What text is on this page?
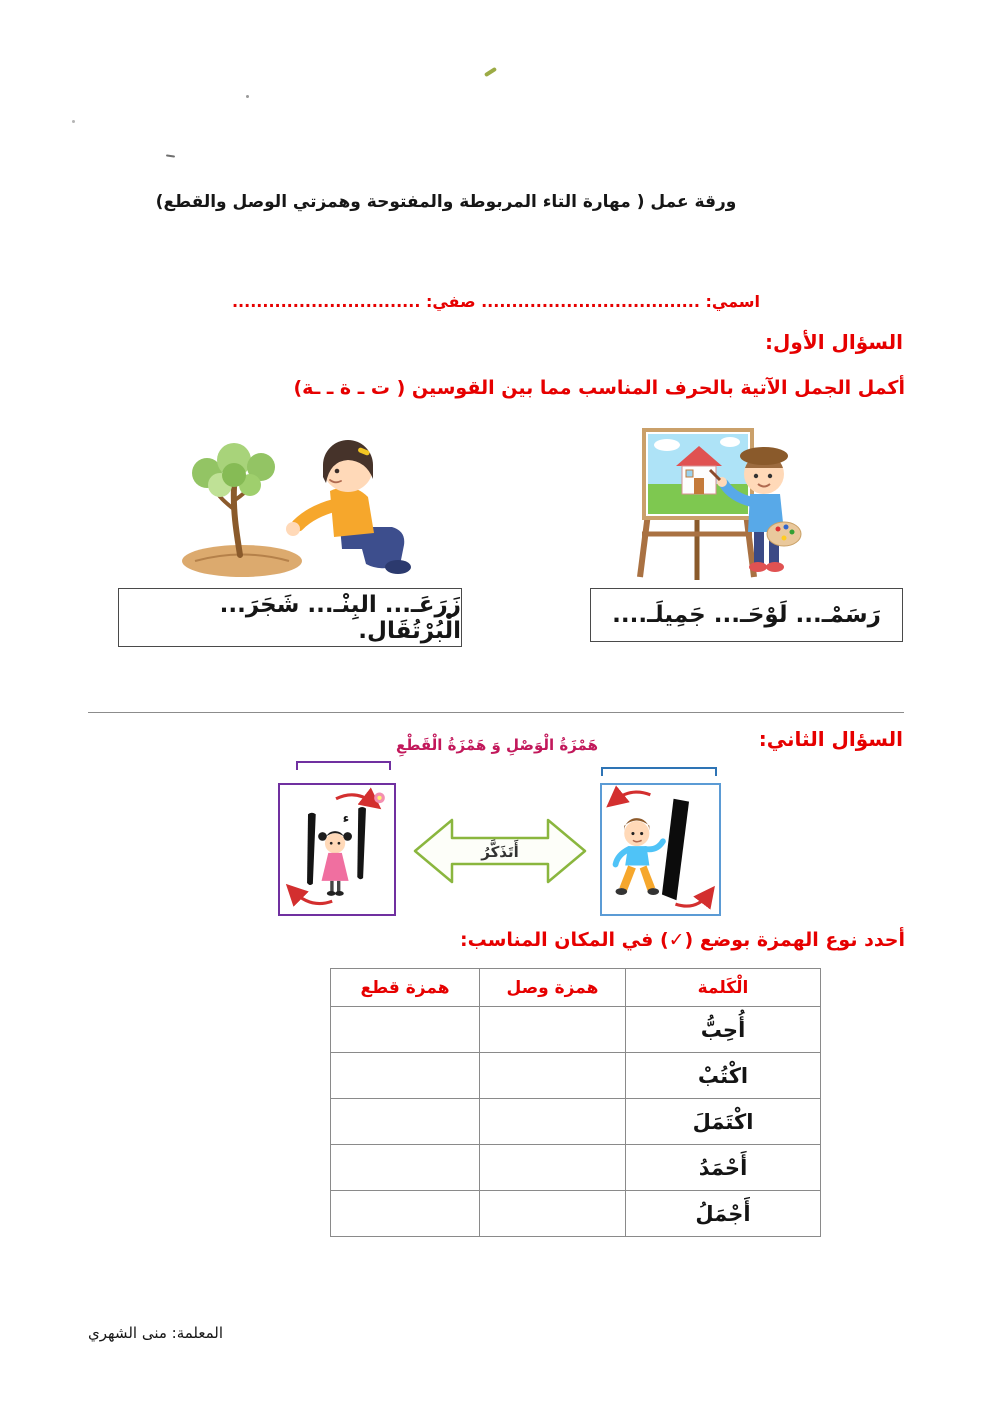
ورقة عمل ( مهارة التاء المربوطة والمفتوحة وهمزتي الوصل والقطع)
اسمي: .................................... صفي: ...............................
السؤال الأول:
أكمل الجمل الآتية بالحرف المناسب مما بين القوسين ( ت ـ ة ـ ـة)
رَسَمْـ... لَوْحَـ... جَمِيلَـ....
زَرَعَـ... البِنْـ... شَجَرَ... الْبُرْتُقَال.
السؤال الثاني:
هَمْزَةُ الْوَصْلِ وَ هَمْزَةُ الْقَطْعِ
ء
أَتَذَكَّرُ
أحدد نوع الهمزة بوضع (✓) في المكان المناسب:
الْكَلمة	همزة وصل	همزة قطع
أُحِبُّ		
اكْتُبْ		
اكْتَمَلَ		
أَحْمَدُ		
أَجْمَلُ		
المعلمة: منى الشهري
